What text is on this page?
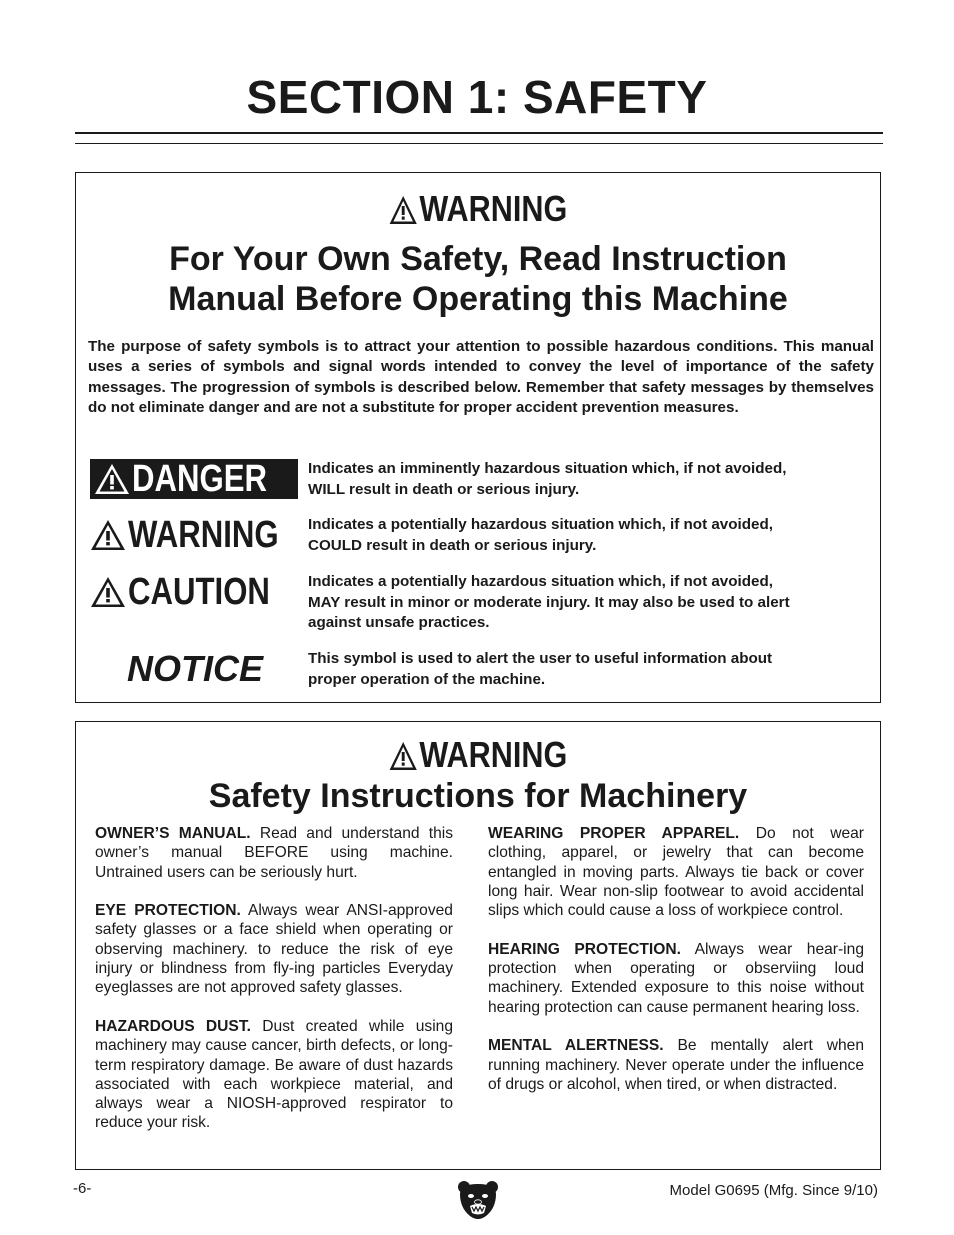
SECTION 1: SAFETY
WARNING
For Your Own Safety, Read Instruction
Manual Before Operating this Machine

The purpose of safety symbols is to attract your attention to possible hazardous conditions. This manual uses a series of symbols and signal words intended to convey the level of importance of the safety messages. The progression of symbols is described below. Remember that safety messages by themselves do not eliminate danger and are not a substitute for proper accident prevention measures.

DANGER	Indicates an imminently hazardous situation which, if not avoided,
WILL result in death or serious injury.

WARNING Indicates a potentially hazardous situation which, if not avoided,
COULD result in death or serious injury.

CAUTION	Indicates a potentially hazardous situation which, if not avoided,
MAY result in minor or moderate injury. It may also be used to alert
against unsafe practices.

NOTICE	This symbol is used to alert the user to useful information about
proper operation of the machine.

WARNING
Safety Instructions for Machinery

OWNER’S MANUAL. Read and understand this owner’s manual BEFORE using machine. Untrained users can be seriously hurt.

EYE PROTECTION. Always wear ANSI-approved safety glasses or a face shield when operating or observing machinery. to reduce the risk of eye injury or blindness from fly-ing particles Everyday eyeglasses are not approved safety glasses.

HAZARDOUS DUST. Dust created while using machinery may cause cancer, birth defects, or long-term respiratory damage. Be aware of dust hazards associated with each workpiece material, and always wear a NIOSH-approved respirator to reduce your risk.

WEARING PROPER APPAREL. Do not wear clothing, apparel, or jewelry that can become entangled in moving parts. Always tie back or cover long hair. Wear non-slip footwear to avoid accidental slips which could cause a loss of workpiece control.

HEARING PROTECTION. Always wear hear-ing protection when operating or observiing loud machinery. Extended exposure to this noise without hearing protection can cause permanent hearing loss.

MENTAL ALERTNESS. Be mentally alert when running machinery. Never operate under the influence of drugs or alcohol, when tired, or when distracted.

-6-	Model G0695 (Mfg. Since 9/10)
